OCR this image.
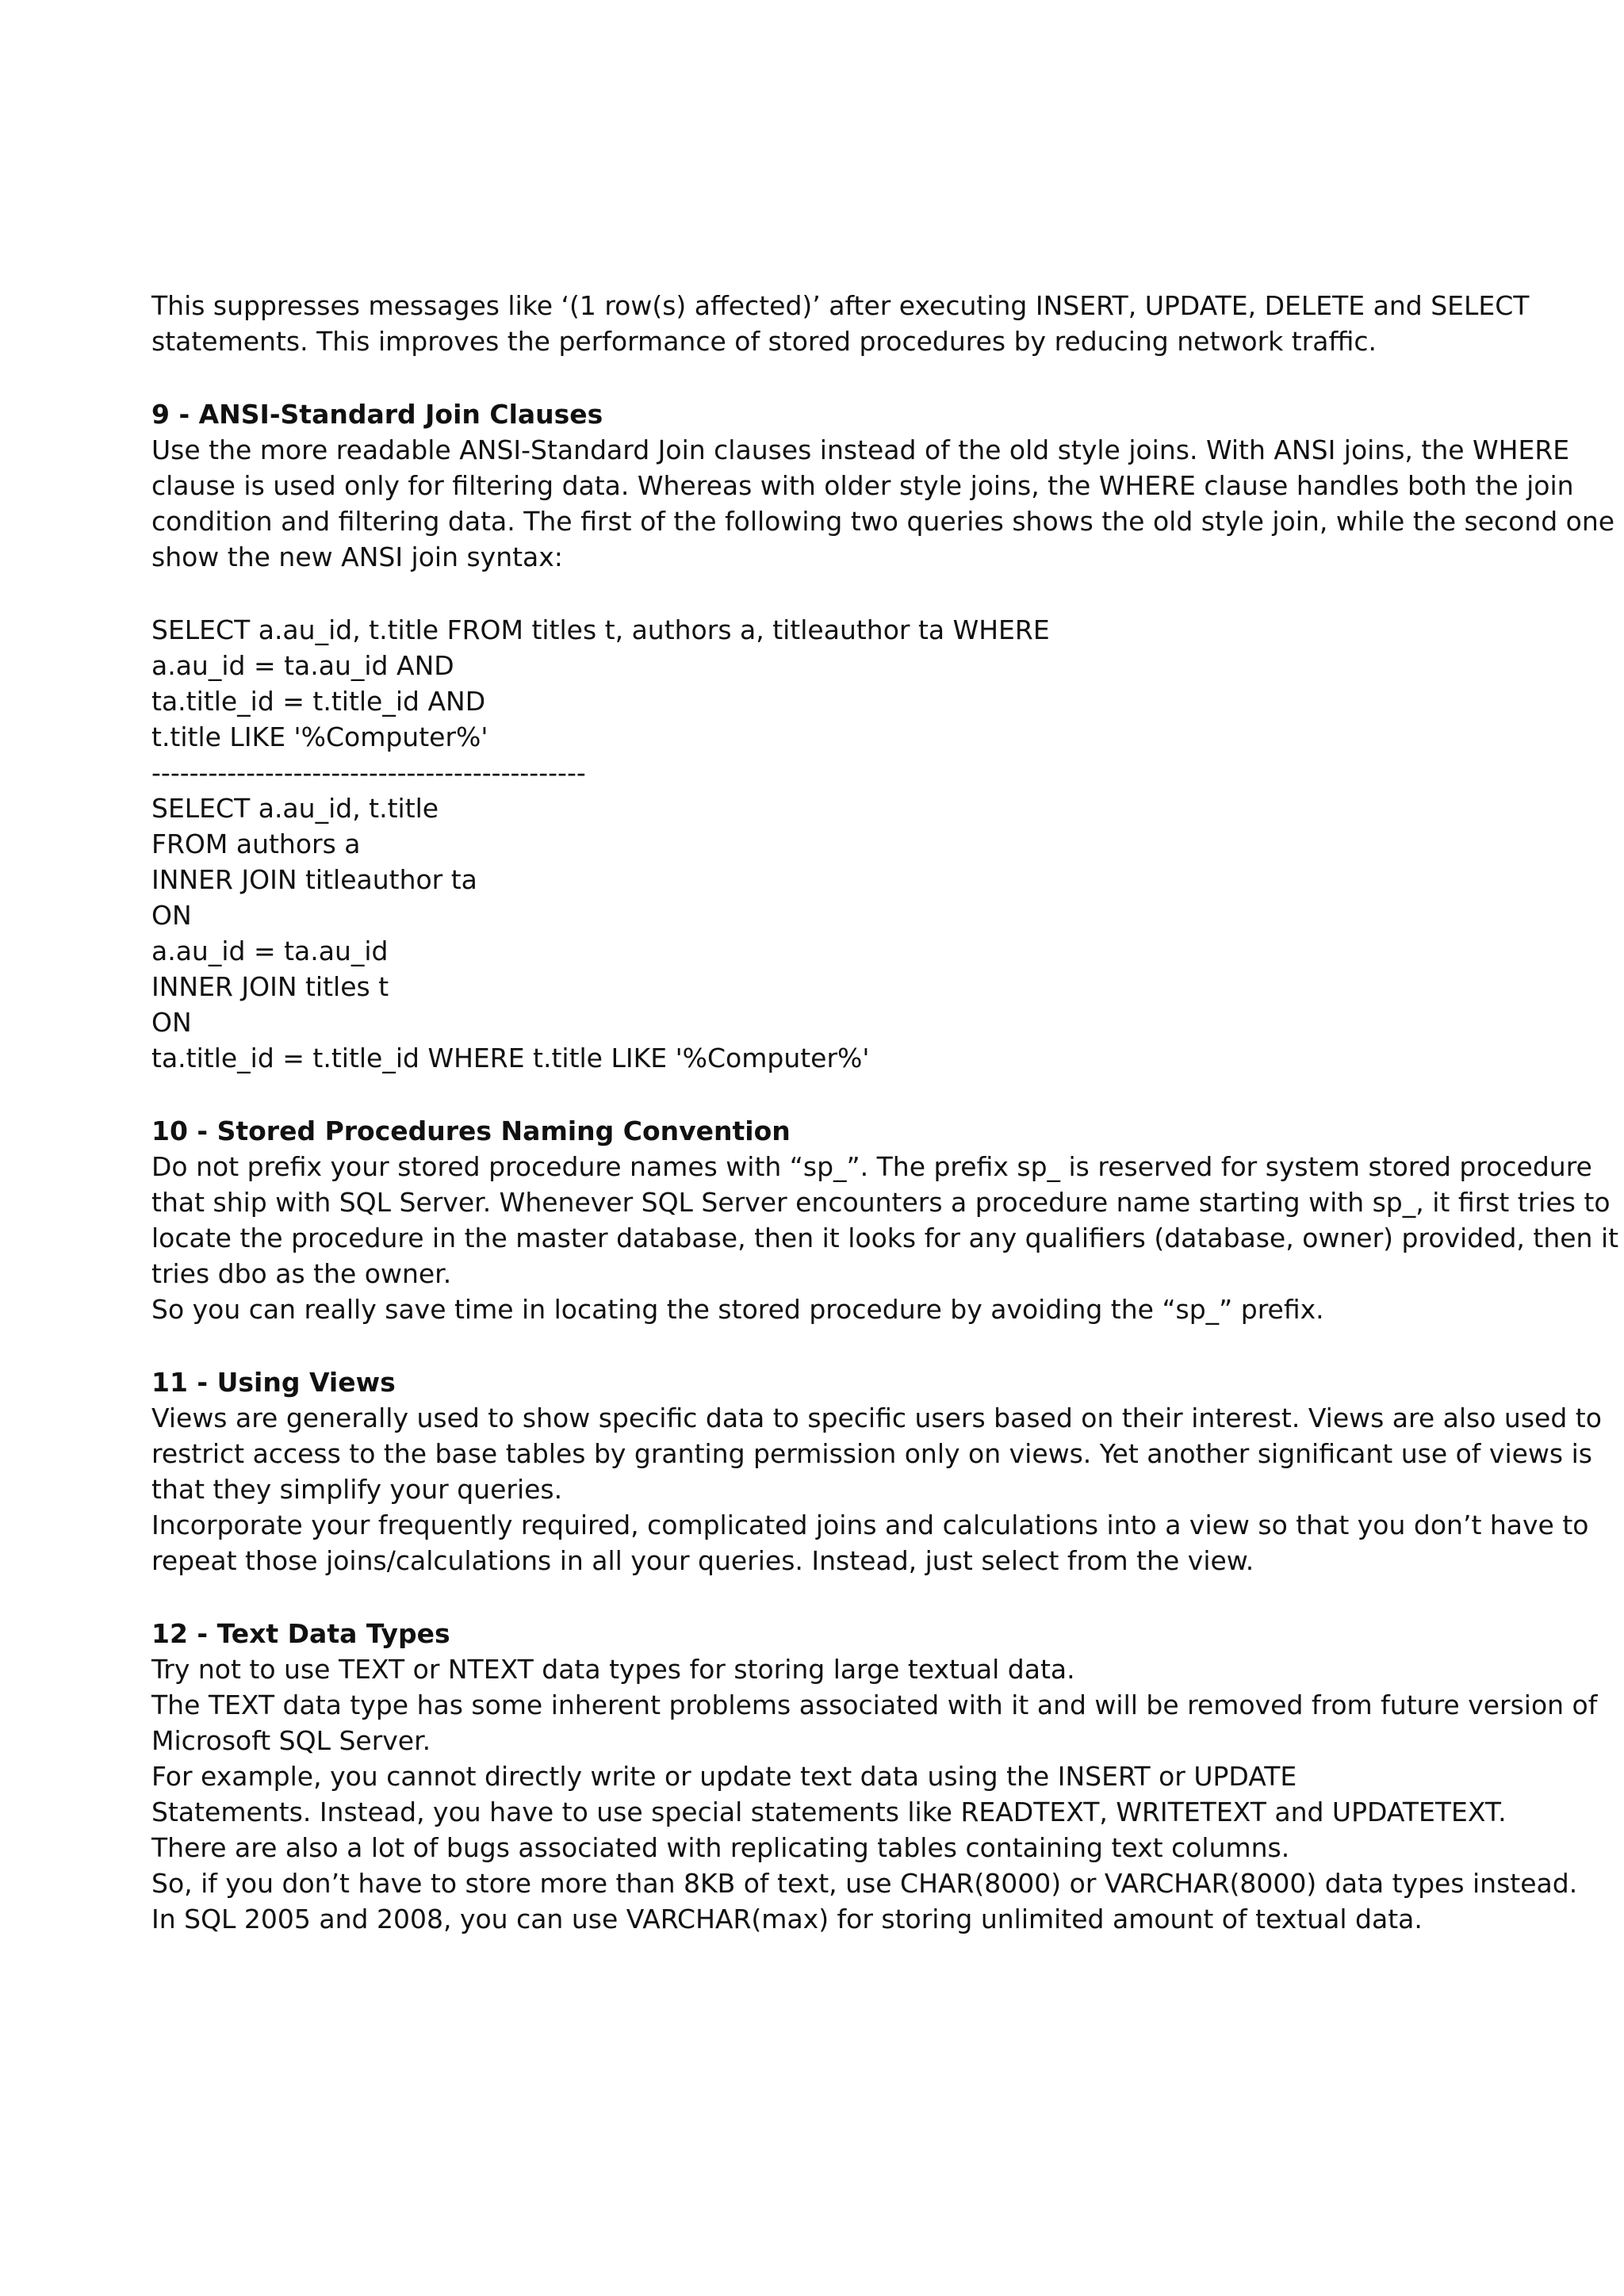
This suppresses messages like ‘(1 row(s) affected)’ after executing INSERT, UPDATE, DELETE and SELECT
statements. This improves the performance of stored procedures by reducing network traffic.
9 - ANSI-Standard Join Clauses
Use the more readable ANSI-Standard Join clauses instead of the old style joins. With ANSI joins, the WHERE
clause is used only for filtering data. Whereas with older style joins, the WHERE clause handles both the join
condition and filtering data. The first of the following two queries shows the old style join, while the second one
show the new ANSI join syntax:
SELECT a.au_id, t.title FROM titles t, authors a, titleauthor ta WHERE
a.au_id = ta.au_id AND
ta.title_id = t.title_id AND
t.title LIKE '%Computer%'
----------------------------------------------
SELECT a.au_id, t.title
FROM authors a
INNER JOIN titleauthor ta
ON
a.au_id = ta.au_id
INNER JOIN titles t
ON
ta.title_id = t.title_id WHERE t.title LIKE '%Computer%'
10 - Stored Procedures Naming Convention
Do not prefix your stored procedure names with “sp_”. The prefix sp_ is reserved for system stored procedure
that ship with SQL Server. Whenever SQL Server encounters a procedure name starting with sp_, it first tries to
locate the procedure in the master database, then it looks for any qualifiers (database, owner) provided, then it
tries dbo as the owner.
So you can really save time in locating the stored procedure by avoiding the “sp_” prefix.
11 - Using Views
Views are generally used to show specific data to specific users based on their interest. Views are also used to
restrict access to the base tables by granting permission only on views. Yet another significant use of views is
that they simplify your queries.
Incorporate your frequently required, complicated joins and calculations into a view so that you don’t have to
repeat those joins/calculations in all your queries. Instead, just select from the view.
12 - Text Data Types
Try not to use TEXT or NTEXT data types for storing large textual data.
The TEXT data type has some inherent problems associated with it and will be removed from future version of
Microsoft SQL Server.
For example, you cannot directly write or update text data using the INSERT or UPDATE
Statements. Instead, you have to use special statements like READTEXT, WRITETEXT and UPDATETEXT.
There are also a lot of bugs associated with replicating tables containing text columns.
So, if you don’t have to store more than 8KB of text, use CHAR(8000) or VARCHAR(8000) data types instead.
In SQL 2005 and 2008, you can use VARCHAR(max) for storing unlimited amount of textual data.
